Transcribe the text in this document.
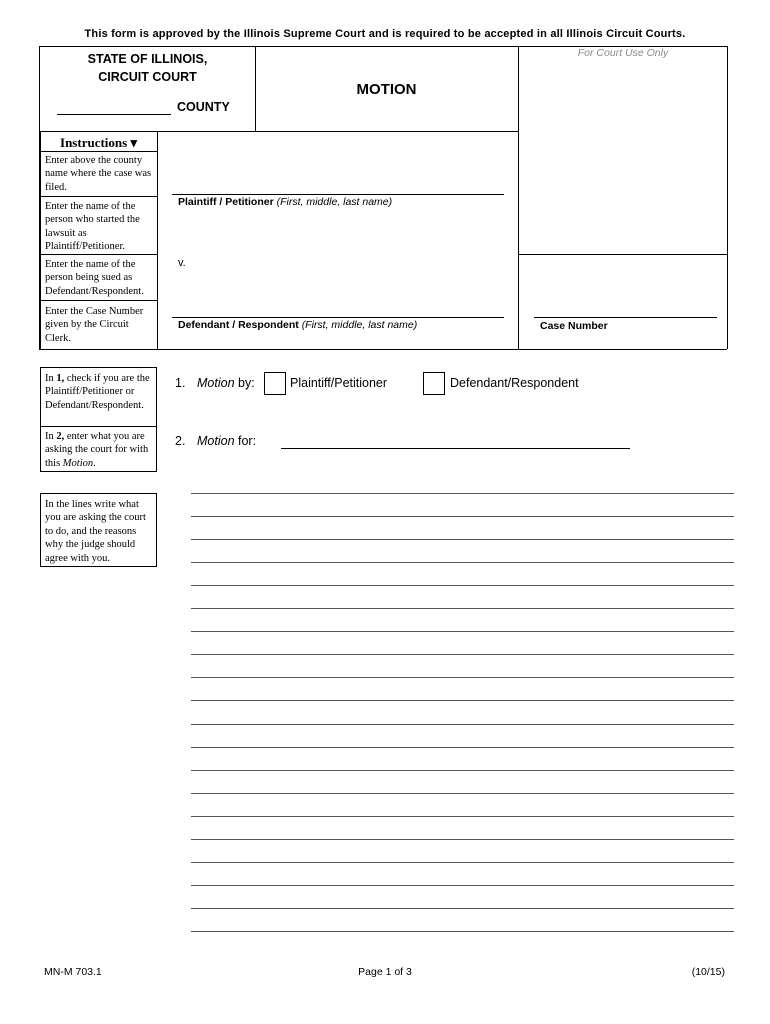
This form is approved by the Illinois Supreme Court and is required to be accepted in all Illinois Circuit Courts.
STATE OF ILLINOIS,
CIRCUIT COURT
COUNTY
MOTION
For Court Use Only
Instructions ▾
Enter above the county name where the case was filed.
Enter the name of the person who started the lawsuit as Plaintiff/Petitioner.
Enter the name of the person being sued as Defendant/Respondent.
Enter the Case Number given by the Circuit Clerk.
Plaintiff / Petitioner (First, middle, last name)
v.
Defendant / Respondent (First, middle, last name)	Case Number
In 1, check if you are the Plaintiff/Petitioner or Defendant/Respondent.
In 2, enter what you are asking the court for with this Motion.
In the lines write what you are asking the court to do, and the reasons why the judge should agree with you.
1. Motion by:	Plaintiff/Petitioner	Defendant/Respondent
2. Motion for:
MN-M 703.1	Page 1 of 3	(10/15)
